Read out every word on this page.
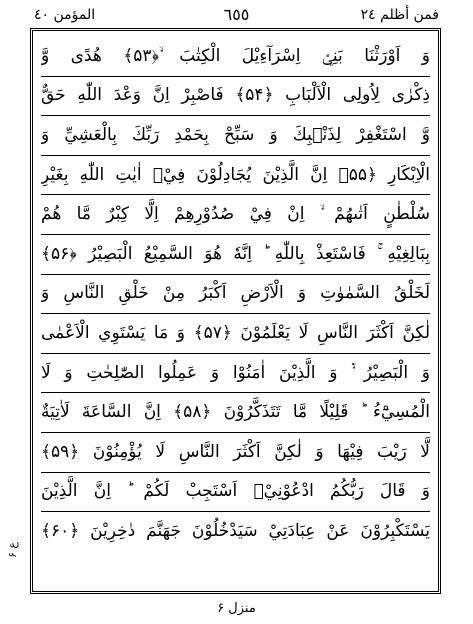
المؤمن ٤٠	٦٥٥	فمن أظلم ٢٤
وَ اَوْرَثْنَا بَنِيْۤ اِسْرَآءِيْلَ الْكِتٰبَ ۙ﴿۵۳﴾ هُدًى وَّ
ذِكْرٰى لِاُولِى الْاَلْبَابِ ﴿۵۴﴾ فَاصْبِرْ اِنَّ وَعْدَ اللّٰهِ حَقٌّ
وَّ اسْتَغْفِرْ لِذَنْۢبِكَ وَ سَبِّحْ بِحَمْدِ رَبِّكَ بِالْعَشِيِّ وَ
الْاِبْكَارِ ﴿۵۵﴾ اِنَّ الَّذِيْنَ يُجَادِلُوْنَ فِيْۤ اٰيٰتِ اللّٰهِ بِغَيْرِ
سُلْطٰنٍ اَتٰىهُمْ ۙ اِنْ فِيْ صُدُوْرِهِمْ اِلَّا كِبْرٌ مَّا هُمْ
بِبَالِغِيْهِ ۚ فَاسْتَعِذْ بِاللّٰهِ ؕ اِنَّهٗ هُوَ السَّمِيْعُ الْبَصِيْرُ ﴿۵۶﴾
لَخَلْقُ السَّمٰوٰتِ وَ الْاَرْضِ اَكْبَرُ مِنْ خَلْقِ النَّاسِ وَ
لٰكِنَّ اَكْثَرَ النَّاسِ لَا يَعْلَمُوْنَ ﴿۵۷﴾ وَ مَا يَسْتَوِي الْاَعْمٰى
وَ الْبَصِيْرُ ۙ۬ وَ الَّذِيْنَ اٰمَنُوْا وَ عَمِلُوا الصّٰلِحٰتِ وَ لَا
الْمُسِيْٓءُ ؕ قَلِيْلًا مَّا تَتَذَكَّرُوْنَ ﴿۵۸﴾ اِنَّ السَّاعَةَ لَاٰتِيَةٌ
لَّا رَيْبَ فِيْهَا وَ لٰكِنَّ اَكْثَرَ النَّاسِ لَا يُؤْمِنُوْنَ ﴿۵۹﴾
وَ قَالَ رَبُّكُمُ ادْعُوْنِيْۤ اَسْتَجِبْ لَكُمْ ؕ اِنَّ الَّذِيْنَ
يَسْتَكْبِرُوْنَ عَنْ عِبَادَتِيْ سَيَدْخُلُوْنَ جَهَنَّمَ دٰخِرِيْنَ ﴿۶۰﴾
ع ۶
منزل ۶
